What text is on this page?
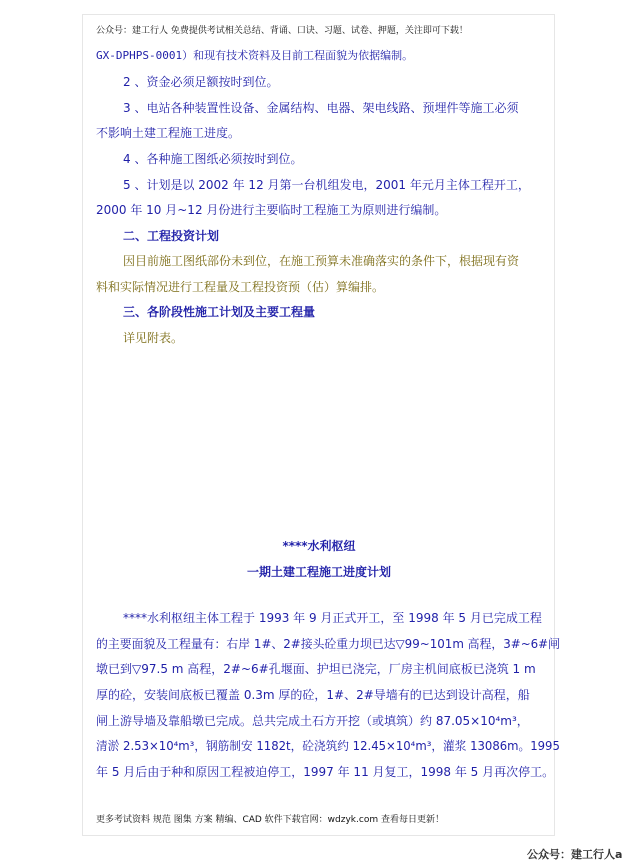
公众号：建工行人 免费提供考试相关总结、背诵、口诀、习题、试卷、押题，关注即可下载！
GX-DPHPS-0001）和现有技术资料及目前工程面貌为依据编制。
2 、资金必须足额按时到位。
3 、电站各种装置性设备、金属结构、电器、架电线路、预埋件等施工必须
不影响土建工程施工进度。
4 、各种施工图纸必须按时到位。
5 、计划是以 2002 年 12 月第一台机组发电，2001 年元月主体工程开工，
2000 年 10 月~12 月份进行主要临时工程施工为原则进行编制。
二、工程投资计划
因目前施工图纸部份未到位，在施工预算未准确落实的条件下，根据现有资
料和实际情况进行工程量及工程投资预（估）算编排。
三、各阶段性施工计划及主要工程量
详见附表。
****水利枢纽
一期土建工程施工进度计划
****水利枢纽主体工程于 1993 年 9 月正式开工，至 1998 年 5 月已完成工程
的主要面貌及工程量有：右岸 1#、2#接头砼重力坝已达▽99~101m 高程，3#~6#闸
墩已到▽97.5 m 高程，2#~6#孔堰面、护坦已浇完，厂房主机间底板已浇筑 1 m
厚的砼，安装间底板已覆盖 0.3m 厚的砼，1#、2#导墙有的已达到设计高程，船
闸上游导墙及靠船墩已完成。总共完成土石方开挖（或填筑）约 87.05×10⁴m³，
清淤 2.53×10⁴m³，钢筋制安 1182t，砼浇筑约 12.45×10⁴m³，灌浆 13086m。1995
年 5 月后由于种和原因工程被迫停工，1997 年 11 月复工，1998 年 5 月再次停工。
更多考试资料 规范 图集 方案 精编、CAD 软件下载官网：wdzyk.com 查看每日更新！
公众号：建工行人a
